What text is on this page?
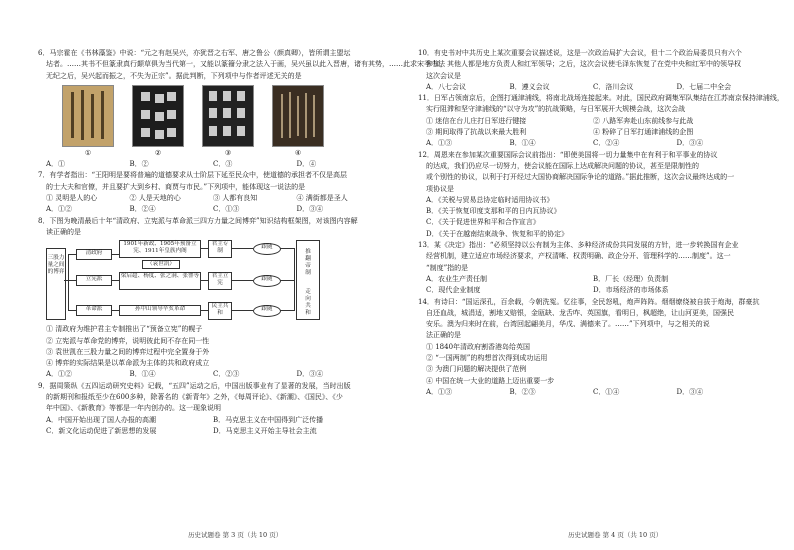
6．马宗霍在《书林藻鉴》中说：“元之有赵吴兴，亦犹晋之右军、唐之鲁公（颜真卿），皆所谓主盟坛
坫者。……其书不但篆隶真行颠草俱为当代第一，又能以篆籀分隶之法入于画，吴兴虽以此入晋唐，诸有其势，……此求宋季书法
无纪之后，吴兴起而振之，不失为正宗”。据此判断，下列项中与作者评述无关的是
①	②	③	④
A．①	B．②	C．③	D．④
7．有学者指出：“王阳明是要将普遍的道德要求从士阶层下延至民众中，使道德的承担者不仅是高层
的士大夫和官僚，并且要扩大到乡村、商贾与市民。”下列项中，能体现这一说法的是
① 灵明是人的心	② 人是天地的心	③ 人都有良知	④ 满街都是圣人
A．①②	B．②④	C．①③	D．③④
8．下图为晚清最后十年“清政府、立宪派与革命派三四方力量之间博弈”知识结构框架图，对该图内容解
读正确的是
三股力量之间的博弈
清政府
立宪派
革命派
1901年新政、1905年预备立宪、1911年皇族内阁
（袁世凯）
梁启超、杨度、张之洞、张謇等
孙中山领导辛亥革命
君主专制
君主立宪
民主共和
跟随
跟随
跟随
推翻帝制
走向共和
① 清政府为维护君主专制推出了“预备立宪”的幌子
② 立宪派与革命党的博弈，说明彼此间不存在同一性
③ 袁世凯在三股力量之间的博弈过程中完全置身于外
④ 博弈的实际结果是以革命派为主体的共和政府成立
A．①②	B．①④	C．②③	D．③④
9．据周策纵《五四运动研究史料》记载，“五四”运动之后，中国出版事业有了显著的发展，当时出版
的新期刊和报纸至少在600多种，除著名的《新青年》之外，《每周评论》、《新潮》、《国民》、《少
年中国》、《新教育》等都是一年内创办的。这一现象说明
A．中国开始出现了国人办报的高潮	B．马克思主义在中国得到广泛传播
C．新文化运动促进了新思想的发展	D．马克思主义开始主导社会主流
10．有史书对中共历史上某次重要会议描述说，这是一次政治局扩大会议，但十二个政治局委员只有六个
参加，其他人都是地方负责人和红军领导；之后，这次会议使毛泽东恢复了在党中央和红军中的领导权
这次会议是
A．八七会议	B．遵义会议	C．洛川会议	D．七届二中全会
11．日军占领南京后，企图打通津浦线，将南北战场连接起来。对此，国民政府调集军队集结在江苏南京保持津浦线，
实行阻滞和坚守津浦线的“以守为攻”的抗战策略，与日军展开大规模会战，这次会战
① 迷信在台儿庄打日军进行键接	② 八路军奔赴山东前线参与此战
③ 期间取得了抗战以来最大胜利	④ 粉碎了日军打通津浦线的企图
A．①③	B．①④	C．②④	D．③④
12．周恩来在参加某次重要国际会议前指出：“即使美国将一切力量集中在有利于和平事业的协议
的达成，我们仍应尽一切努力，使会议能在国际上达成解决问题的协议，甚至是限制性的
或个别性的协议，以利于打开经过大国协商解决国际争论的道路。”据此推断，这次会议最终达成的一
项协议是
A．《关税与贸易总协定临时适用协议书》
B．《关于恢复印度支那和平的日内瓦协议》
C．《关于促进世界和平和合作宣言》
D．《关于在越南结束战争、恢复和平的协定》
13．某《决定》指出：“必须坚持以公有制为主体、多种经济成份共同发展的方针，进一步转换国有企业
经营机制，建立适应市场经济要求，产权清晰、权责明确、政企分开、管理科学的……制度”。这一
“制度”指的是
A．农业生产责任制	B．厂长（经理）负责制
C．现代企业制度	D．市场经济的市场体系
14．有诗曰：“国运深孔，百余载，今朝洗冤。忆往事，全民怒吼，炮声阵阵。烟烟缭绕被自拔于炮海，群豪抗
自还血战，城涓适，割地又赔银，金瓯缺、龙舌咋、英国旗，看明日，枫超绝，让山河更美，国强民
安乐。澳为归来时在前，台湾回起翩美月，华戊、满德来了。……”下列项中，与之相关的说
法正确的是
① 1840年清政府割香港岛给英国
② “一国两制”的构想首次得到成功运用
③ 为澳门问题的解决提供了范例
④ 中国在统一大业的道路上迈出重要一步
A．①③	B．②③	C．①④	D．③④
历史试题卷 第 3 页（共 10 页）	历史试题卷 第 4 页（共 10 页）
